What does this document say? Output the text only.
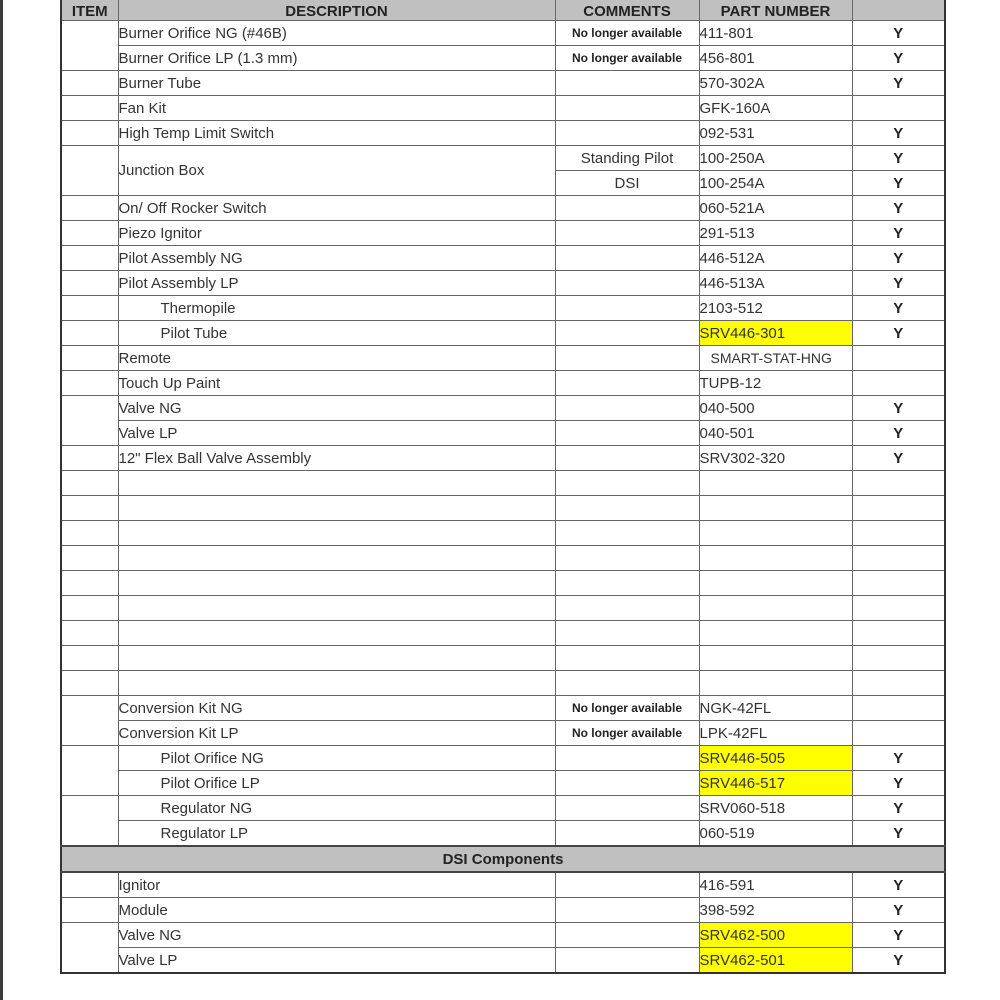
ITEM	DESCRIPTION	COMMENTS	PART NUMBER	
	Burner Orifice NG (#46B)	No longer available	411-801	Y
	Burner Orifice LP (1.3 mm)	No longer available	456-801	Y
	Burner Tube		570-302A	Y
	Fan Kit		GFK-160A	
	High Temp Limit Switch		092-531	Y
	Junction Box	Standing Pilot	100-250A	Y
		DSI	100-254A	Y
	On/ Off Rocker Switch		060-521A	Y
	Piezo Ignitor		291-513	Y
	Pilot Assembly NG		446-512A	Y
	Pilot Assembly LP		446-513A	Y
	Thermopile		2103-512	Y
	Pilot Tube		SRV446-301	Y
	Remote		SMART-STAT-HNG	
	Touch Up Paint		TUPB-12	
	Valve NG		040-500	Y
	Valve LP		040-501	Y
	12" Flex Ball Valve Assembly		SRV302-320	Y

	Conversion Kit NG	No longer available	NGK-42FL	
	Conversion Kit LP	No longer available	LPK-42FL	
	Pilot Orifice NG		SRV446-505	Y
	Pilot Orifice LP		SRV446-517	Y
	Regulator NG		SRV060-518	Y
	Regulator LP		060-519	Y
DSI Components				
	Ignitor		416-591	Y
	Module		398-592	Y
	Valve NG		SRV462-500	Y
	Valve LP		SRV462-501	Y
